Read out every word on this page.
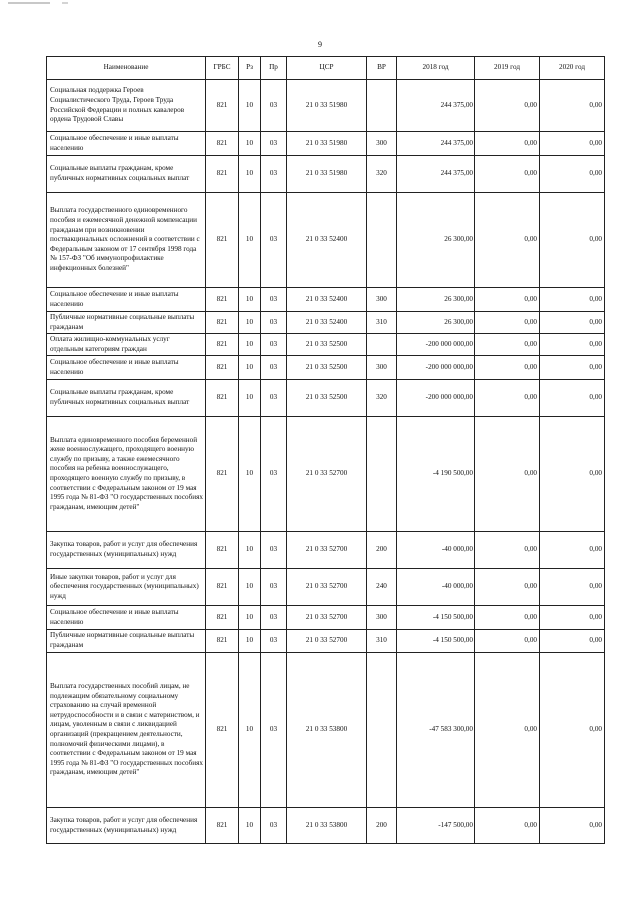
9
Наименование	ГРБС	Рз	Пр	ЦСР	ВР	2018 год	2019 год	2020 год
Социальная поддержка Героев Социалистического Труда, Героев Труда Российской Федерации и полных кавалеров ордена Трудовой Славы	821	10	03	21 0 33 51980		244 375,00	0,00	0,00
Социальное обеспечение и иные выплаты населению	821	10	03	21 0 33 51980	300	244 375,00	0,00	0,00
Социальные выплаты гражданам, кроме публичных нормативных социальных выплат	821	10	03	21 0 33 51980	320	244 375,00	0,00	0,00
Выплата государственного единовременного пособия и ежемесячной денежной компенсации гражданам при возникновении поствакцинальных осложнений в соответствии с Федеральным законом от 17 сентября 1998 года № 157-ФЗ "Об иммунопрофилактике инфекционных болезней"	821	10	03	21 0 33 52400		26 300,00	0,00	0,00
Социальное обеспечение и иные выплаты населению	821	10	03	21 0 33 52400	300	26 300,00	0,00	0,00
Публичные нормативные социальные выплаты гражданам	821	10	03	21 0 33 52400	310	26 300,00	0,00	0,00
Оплата жилищно-коммунальных услуг отдельным категориям граждан	821	10	03	21 0 33 52500		-200 000 000,00	0,00	0,00
Социальное обеспечение и иные выплаты населению	821	10	03	21 0 33 52500	300	-200 000 000,00	0,00	0,00
Социальные выплаты гражданам, кроме публичных нормативных социальных выплат	821	10	03	21 0 33 52500	320	-200 000 000,00	0,00	0,00
Выплата единовременного пособия беременной жене военнослужащего, проходящего военную службу по призыву, а также ежемесячного пособия на ребенка военнослужащего, проходящего военную службу по призыву, в соответствии с Федеральным законом от 19 мая 1995 года № 81-ФЗ "О государственных пособиях гражданам, имеющим детей"	821	10	03	21 0 33 52700		-4 190 500,00	0,00	0,00
Закупка товаров, работ и услуг для обеспечения государственных (муниципальных) нужд	821	10	03	21 0 33 52700	200	-40 000,00	0,00	0,00
Иные закупки товаров, работ и услуг для обеспечения государственных (муниципальных) нужд	821	10	03	21 0 33 52700	240	-40 000,00	0,00	0,00
Социальное обеспечение и иные выплаты населению	821	10	03	21 0 33 52700	300	-4 150 500,00	0,00	0,00
Публичные нормативные социальные выплаты гражданам	821	10	03	21 0 33 52700	310	-4 150 500,00	0,00	0,00
Выплата государственных пособий лицам, не подлежащим обязательному социальному страхованию на случай временной нетрудоспособности и в связи с материнством, и лицам, уволенным в связи с ликвидацией организаций (прекращением деятельности, полномочий физическими лицами), в соответствии с Федеральным законом от 19 мая 1995 года № 81-ФЗ "О государственных пособиях гражданам, имеющим детей"	821	10	03	21 0 33 53800		-47 583 300,00	0,00	0,00
Закупка товаров, работ и услуг для обеспечения государственных (муниципальных) нужд	821	10	03	21 0 33 53800	200	-147 500,00	0,00	0,00
